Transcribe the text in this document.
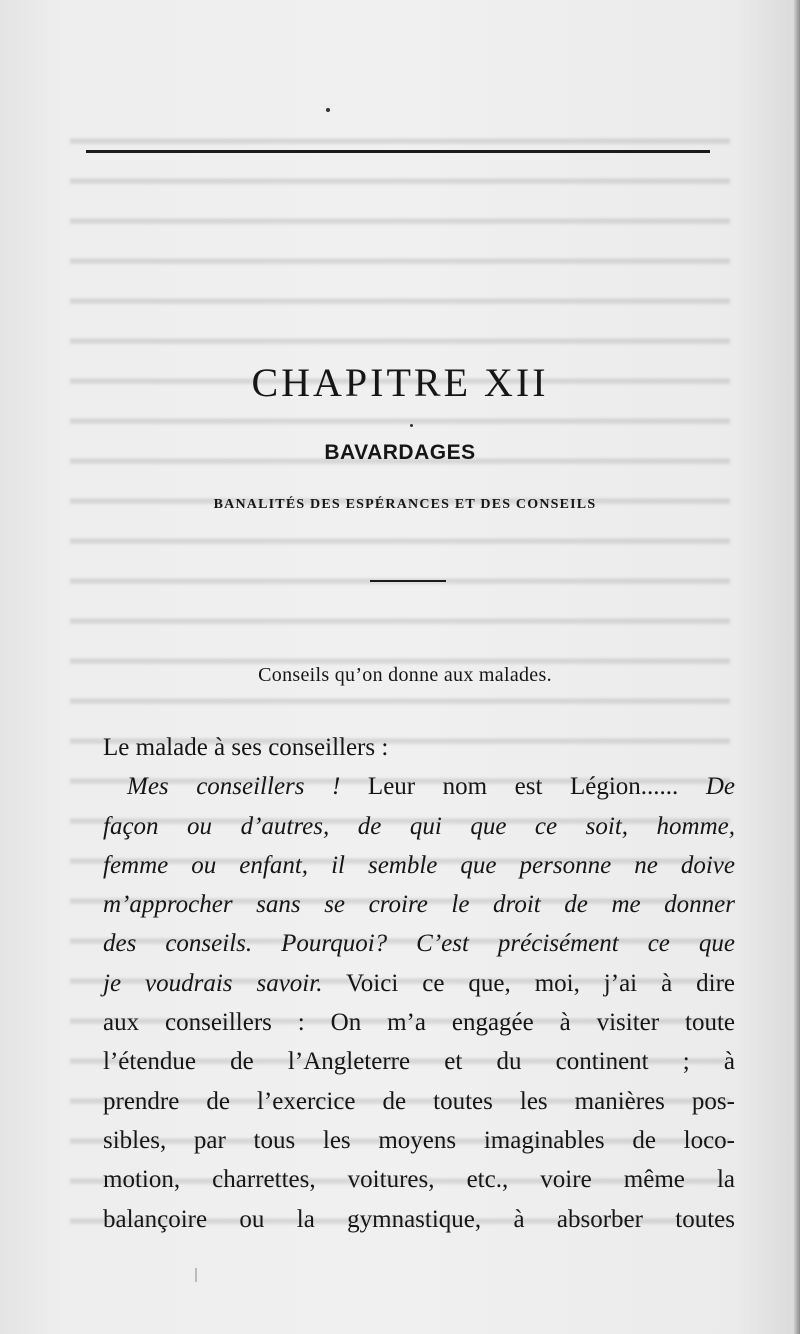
CHAPITRE XII
BAVARDAGES
BANALITÉS DES ESPÉRANCES ET DES CONSEILS
Conseils qu’on donne aux malades.
Le malade à ses conseillers :
Mes conseillers ! Leur nom est Légion...... De
façon ou d’autres, de qui que ce soit, homme,
femme ou enfant, il semble que personne ne doive
m’approcher sans se croire le droit de me donner
des conseils. Pourquoi? C’est précisément ce que
je voudrais savoir. Voici ce que, moi, j’ai à dire
aux conseillers : On m’a engagée à visiter toute
l’étendue de l’Angleterre et du continent ; à
prendre de l’exercice de toutes les manières pos-
sibles, par tous les moyens imaginables de loco-
motion, charrettes, voitures, etc., voire même la
balançoire ou la gymnastique, à absorber toutes
